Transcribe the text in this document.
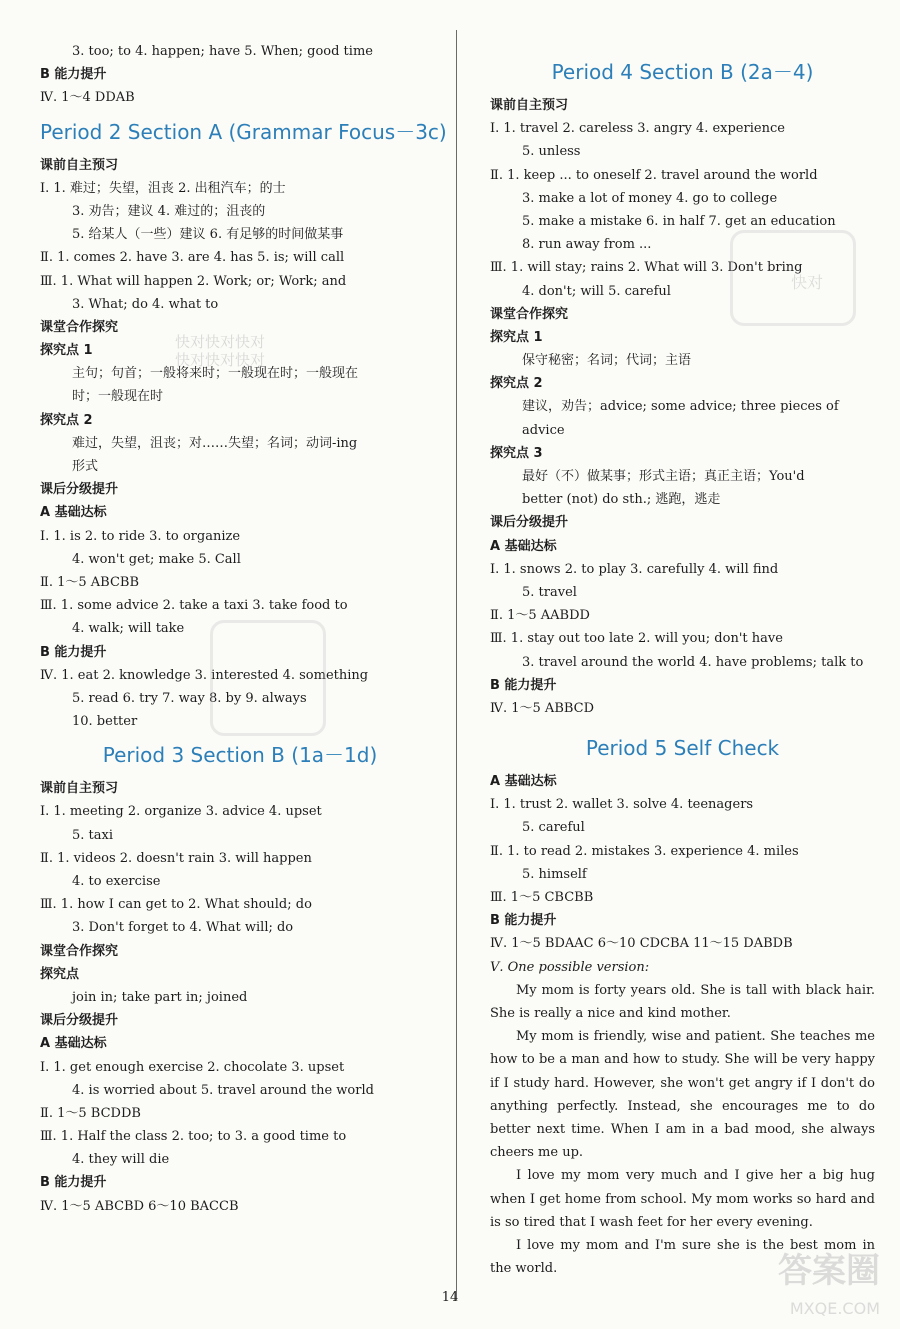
3. too; to 4. happen; have 5. When; good time
B 能力提升
Ⅳ. 1～4 DDAB
Period 2 Section A (Grammar Focus－3c)
课前自主预习
Ⅰ. 1. 难过；失望，沮丧 2. 出租汽车；的士
3. 劝告；建议 4. 难过的；沮丧的
5. 给某人（一些）建议 6. 有足够的时间做某事
Ⅱ. 1. comes 2. have 3. are 4. has 5. is; will call
Ⅲ. 1. What will happen 2. Work; or; Work; and
3. What; do 4. what to
课堂合作探究
探究点 1
主句；句首；一般将来时；一般现在时；一般现在
时；一般现在时
探究点 2
难过，失望，沮丧；对……失望；名词；动词-ing
形式
课后分级提升
A 基础达标
Ⅰ. 1. is 2. to ride 3. to organize
4. won't get; make 5. Call
Ⅱ. 1～5 ABCBB
Ⅲ. 1. some advice 2. take a taxi 3. take food to
4. walk; will take
B 能力提升
Ⅳ. 1. eat 2. knowledge 3. interested 4. something
5. read 6. try 7. way 8. by 9. always
10. better
Period 3 Section B (1a－1d)
课前自主预习
Ⅰ. 1. meeting 2. organize 3. advice 4. upset
5. taxi
Ⅱ. 1. videos 2. doesn't rain 3. will happen
4. to exercise
Ⅲ. 1. how I can get to 2. What should; do
3. Don't forget to 4. What will; do
课堂合作探究
探究点
join in; take part in; joined
课后分级提升
A 基础达标
Ⅰ. 1. get enough exercise 2. chocolate 3. upset
4. is worried about 5. travel around the world
Ⅱ. 1～5 BCDDB
Ⅲ. 1. Half the class 2. too; to 3. a good time to
4. they will die
B 能力提升
Ⅳ. 1～5 ABCBD 6～10 BACCB
快对快对快对
快对快对快对
Period 4 Section B (2a－4)
课前自主预习
Ⅰ. 1. travel 2. careless 3. angry 4. experience
5. unless
Ⅱ. 1. keep ... to oneself 2. travel around the world
3. make a lot of money 4. go to college
5. make a mistake 6. in half 7. get an education
8. run away from ...
Ⅲ. 1. will stay; rains 2. What will 3. Don't bring
4. don't; will 5. careful
课堂合作探究
探究点 1
保守秘密；名词；代词；主语
探究点 2
建议，劝告；advice; some advice; three pieces of
advice
探究点 3
最好（不）做某事；形式主语；真正主语；You'd
better (not) do sth.; 逃跑，逃走
课后分级提升
A 基础达标
Ⅰ. 1. snows 2. to play 3. carefully 4. will find
5. travel
Ⅱ. 1～5 AABDD
Ⅲ. 1. stay out too late 2. will you; don't have
3. travel around the world 4. have problems; talk to
B 能力提升
Ⅳ. 1～5 ABBCD
Period 5 Self Check
A 基础达标
Ⅰ. 1. trust 2. wallet 3. solve 4. teenagers
5. careful
Ⅱ. 1. to read 2. mistakes 3. experience 4. miles
5. himself
Ⅲ. 1～5 CBCBB
B 能力提升
Ⅳ. 1～5 BDAAC 6～10 CDCBA 11～15 DABDB
Ⅴ. One possible version:

My mom is forty years old. She is tall with black hair. She is really a nice and kind mother.

My mom is friendly, wise and patient. She teaches me how to be a man and how to study. She will be very happy if I study hard. However, she won't get angry if I don't do anything perfectly. Instead, she encourages me to do better next time. When I am in a bad mood, she always cheers me up.

I love my mom very much and I give her a big hug when I get home from school. My mom works so hard and is so tired that I wash feet for her every evening.

I love my mom and I'm sure she is the best mom in the world.

快对
答案圈
MXQE.COM
14
